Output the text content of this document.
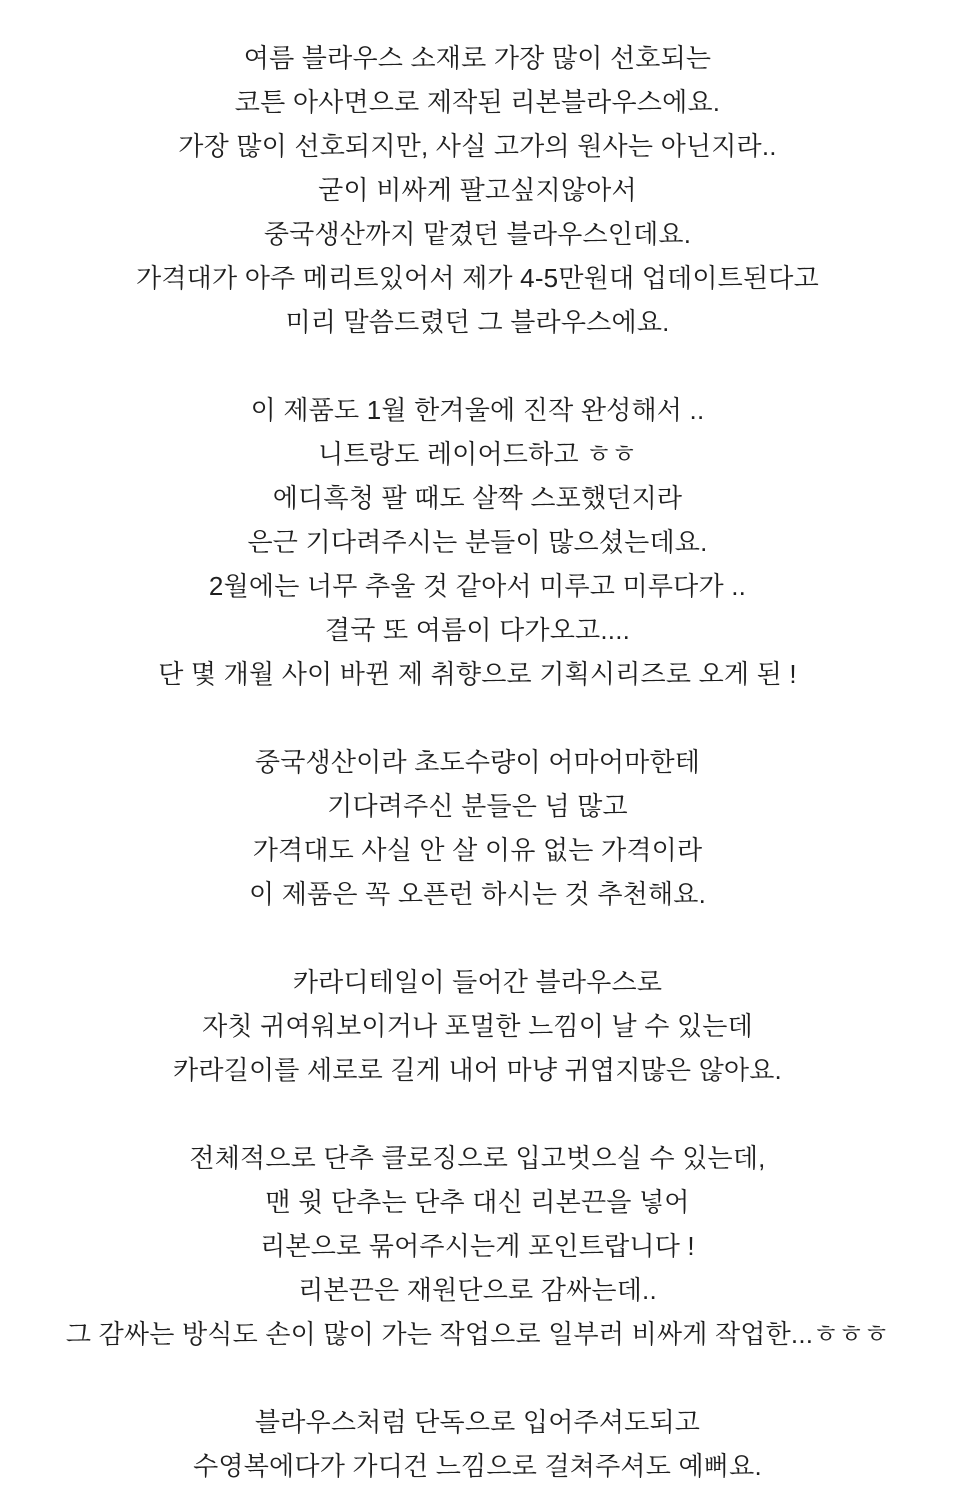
여름 블라우스 소재로 가장 많이 선호되는
코튼 아사면으로 제작된 리본블라우스에요.
가장 많이 선호되지만, 사실 고가의 원사는 아닌지라..
굳이 비싸게 팔고싶지않아서
중국생산까지 맡겼던 블라우스인데요.
가격대가 아주 메리트있어서 제가 4-5만원대 업데이트된다고
미리 말씀드렸던 그 블라우스에요.
이 제품도 1월 한겨울에 진작 완성해서 ..
니트랑도 레이어드하고 ㅎㅎ
에디흑청 팔 때도 살짝 스포했던지라
은근 기다려주시는 분들이 많으셨는데요.
2월에는 너무 추울 것 같아서 미루고 미루다가 ..
결국 또 여름이 다가오고....
단 몇 개월 사이 바뀐 제 취향으로 기획시리즈로 오게 된 !
중국생산이라 초도수량이 어마어마한테
기다려주신 분들은 넘 많고
가격대도 사실 안 살 이유 없는 가격이라
이 제품은 꼭 오픈런 하시는 것 추천해요.
카라디테일이 들어간 블라우스로
자칫 귀여워보이거나 포멀한 느낌이 날 수 있는데
카라길이를 세로로 길게 내어 마냥 귀엽지많은 않아요.
전체적으로 단추 클로징으로 입고벗으실 수 있는데,
맨 윗 단추는 단추 대신 리본끈을 넣어
리본으로 묶어주시는게 포인트랍니다 !
리본끈은 재원단으로 감싸는데..
그 감싸는 방식도 손이 많이 가는 작업으로 일부러 비싸게 작업한...ㅎㅎㅎ
블라우스처럼 단독으로 입어주셔도되고
수영복에다가 가디건 느낌으로 걸쳐주셔도 예뻐요.
